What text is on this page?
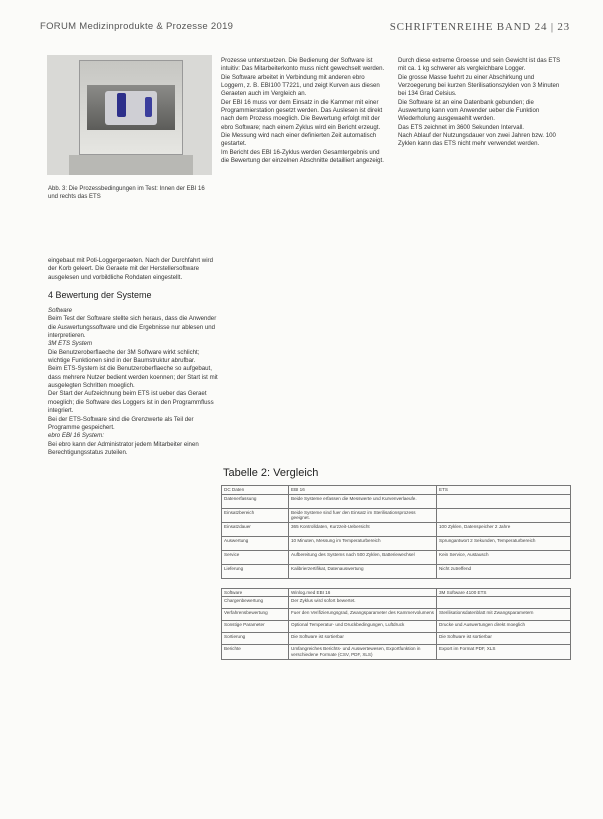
FORUM Medizinprodukte & Prozesse 2019	SCHRIFTENREIHE BAND 24 | 23
Abb. 3: Die Prozessbedingungen im Test: Innen der EBI 16 und rechts das ETS

eingebaut mit Poti-Loggergeraeten. Nach der Durchfahrt wird der Korb geleert. Die Geraete mit der Herstellersoftware ausgelesen und vorbildliche Rohdaten eingestellt.

4 Bewertung der Systeme

Software

Beim Test der Software stellte sich heraus, dass die Anwender die Auswertungssoftware und die Ergebnisse nur ablesen und interpretieren.

3M ETS System

Die Benutzeroberflaeche der 3M Software wirkt schlicht; wichtige Funktionen sind in der Baumstruktur abrufbar.

Beim ETS-System ist die Benutzeroberflaeche so aufgebaut, dass mehrere Nutzer bedient werden koennen; der Start ist mit ausgelegten Schritten moeglich.

Der Start der Aufzeichnung beim ETS ist ueber das Geraet moeglich; die Software des Loggers ist in den Programmfluss integriert.

Bei der ETS-Software sind die Grenzwerte als Teil der Programme gespeichert.

ebro EBI 16 System:

Bei ebro kann der Administrator jedem Mitarbeiter einen Berechtigungsstatus zuteilen.

Prozesse unterstuetzen. Die Bedienung der Software ist intuitiv: Das Mitarbeiterkonto muss nicht gewechselt werden.

Die Software arbeitet in Verbindung mit anderen ebro Loggern, z. B. EBI100 T7221, und zeigt Kurven aus diesen Geraeten auch im Vergleich an.

Der EBI 16 muss vor dem Einsatz in die Kammer mit einer Programmierstation gesetzt werden. Das Auslesen ist direkt nach dem Prozess moeglich. Die Bewertung erfolgt mit der ebro Software; nach einem Zyklus wird ein Bericht erzeugt. Die Messung wird nach einer definierten Zeit automatisch gestartet.

Im Bericht des EBI 16-Zyklus werden Gesamtergebnis und die Bewertung der einzelnen Abschnitte detailliert angezeigt.

Durch diese extreme Groesse und sein Gewicht ist das ETS mit ca. 1 kg schwerer als vergleichbare Logger.

Die grosse Masse fuehrt zu einer Abschirkung und Verzoegerung bei kurzen Sterilisationszyklen von 3 Minuten bei 134 Grad Celsius.

Die Software ist an eine Datenbank gebunden; die Auswertung kann vom Anwender ueber die Funktion Wiederholung ausgewaehlt werden.

Das ETS zeichnet im 3600 Sekunden Intervall.

Nach Ablauf der Nutzungsdauer von zwei Jahren bzw. 100 Zyklen kann das ETS nicht mehr verwendet werden.

Tabelle 2: Vergleich
DC Daten	EBI 16	ETS
Datenerfassung	Beide Systeme erfassen die Messwerte und Kurvenverlaeufe.	
Einsatzbereich	Beide Systeme sind fuer den Einsatz im Sterilisationsprozess geeignet.	
Einsatzdauer	365 Kontrolldaten, Kurzzeit-Uebersicht	100 Zyklen, Datenspeicher 2 Jahre
Auswertung	10 Minuten, Messung im Temperaturbereich	Sprungantwort 2 Sekunden, Temperaturbereich
Service	Aufbereitung des Systems nach 500 Zyklen, Batteriewechsel	Kein Service, Austausch
Lieferung	Kalibrierzertifikat, Datenauswertung	Nicht zutreffend
Software	Winlog.med EBI 16	3M Software 4100 ETS
Chargenbewertung	Der Zyklus wird sofort bewertet.	
Verfahrensbewertung	Fuer den Verifizierungsgrad, Zwangsparameter des Kammervolumens	Sterilisationsdatenblatt mit Zwangsparametern
Sonstige Parameter	Optional Temperatur- und Druckbedingungen, Luftdruck	Drucke und Auswertungen direkt moeglich
Sortierung	Die Software ist sortierbar	Die Software ist sortierbar
Berichte	Umfangreiches Berichts- und Auswertewesen, Exportfunktion in verschiedene Formate (CSV, PDF, XLS)	Export im Format PDF, XLS
